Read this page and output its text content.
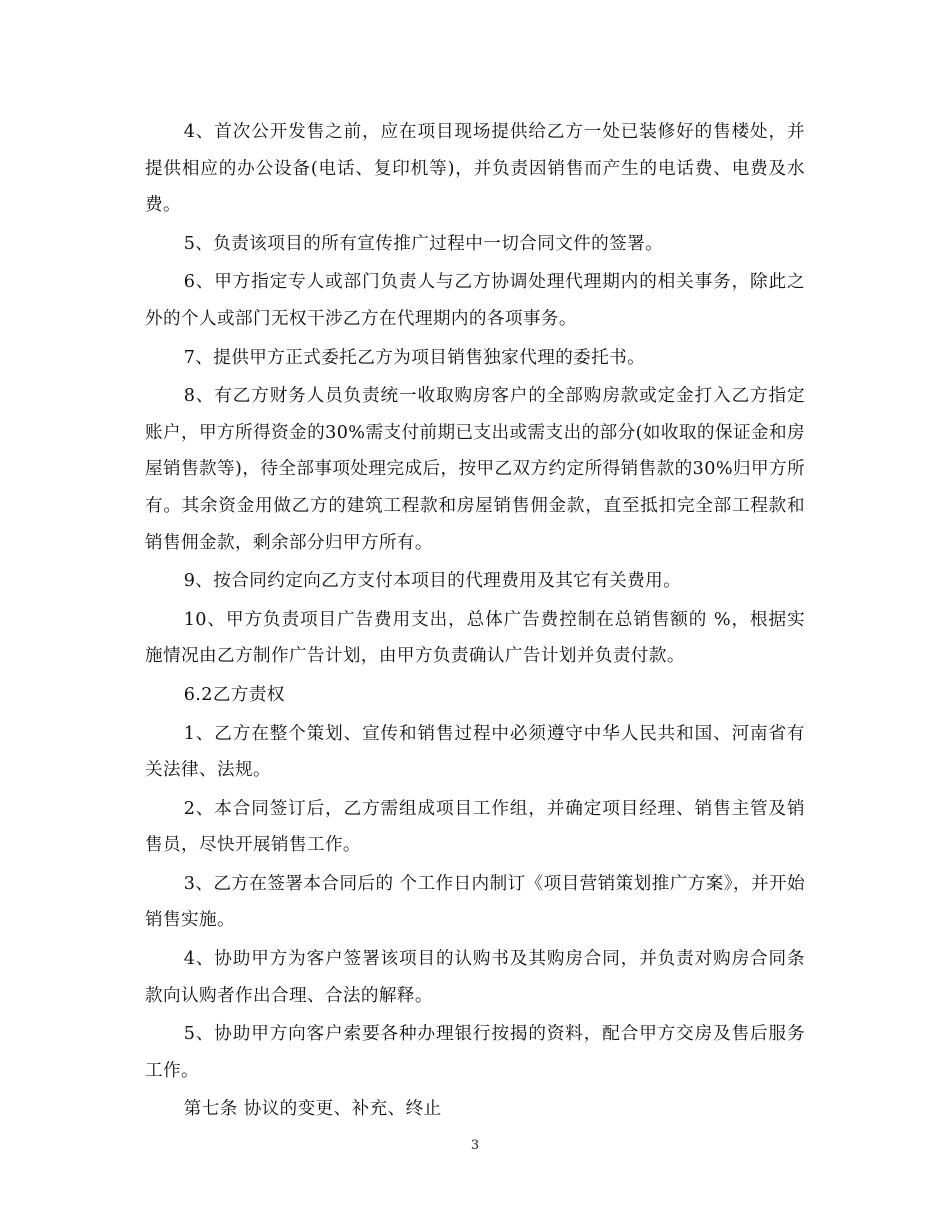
4、首次公开发售之前，应在项目现场提供给乙方一处已装修好的售楼处，并提供相应的办公设备(电话、复印机等)，并负责因销售而产生的电话费、电费及水费。

5、负责该项目的所有宣传推广过程中一切合同文件的签署。

6、甲方指定专人或部门负责人与乙方协调处理代理期内的相关事务，除此之外的个人或部门无权干涉乙方在代理期内的各项事务。

7、提供甲方正式委托乙方为项目销售独家代理的委托书。

8、有乙方财务人员负责统一收取购房客户的全部购房款或定金打入乙方指定账户，甲方所得资金的30%需支付前期已支出或需支出的部分(如收取的保证金和房屋销售款等)，待全部事项处理完成后，按甲乙双方约定所得销售款的30%归甲方所有。其余资金用做乙方的建筑工程款和房屋销售佣金款，直至抵扣完全部工程款和销售佣金款，剩余部分归甲方所有。

9、按合同约定向乙方支付本项目的代理费用及其它有关费用。

10、甲方负责项目广告费用支出，总体广告费控制在总销售额的 %，根据实施情况由乙方制作广告计划，由甲方负责确认广告计划并负责付款。

6.2乙方责权

1、乙方在整个策划、宣传和销售过程中必须遵守中华人民共和国、河南省有关法律、法规。

2、本合同签订后，乙方需组成项目工作组，并确定项目经理、销售主管及销售员，尽快开展销售工作。

3、乙方在签署本合同后的 个工作日内制订《项目营销策划推广方案》，并开始销售实施。

4、协助甲方为客户签署该项目的认购书及其购房合同，并负责对购房合同条款向认购者作出合理、合法的解释。

5、协助甲方向客户索要各种办理银行按揭的资料，配合甲方交房及售后服务工作。

第七条 协议的变更、补充、终止

3
